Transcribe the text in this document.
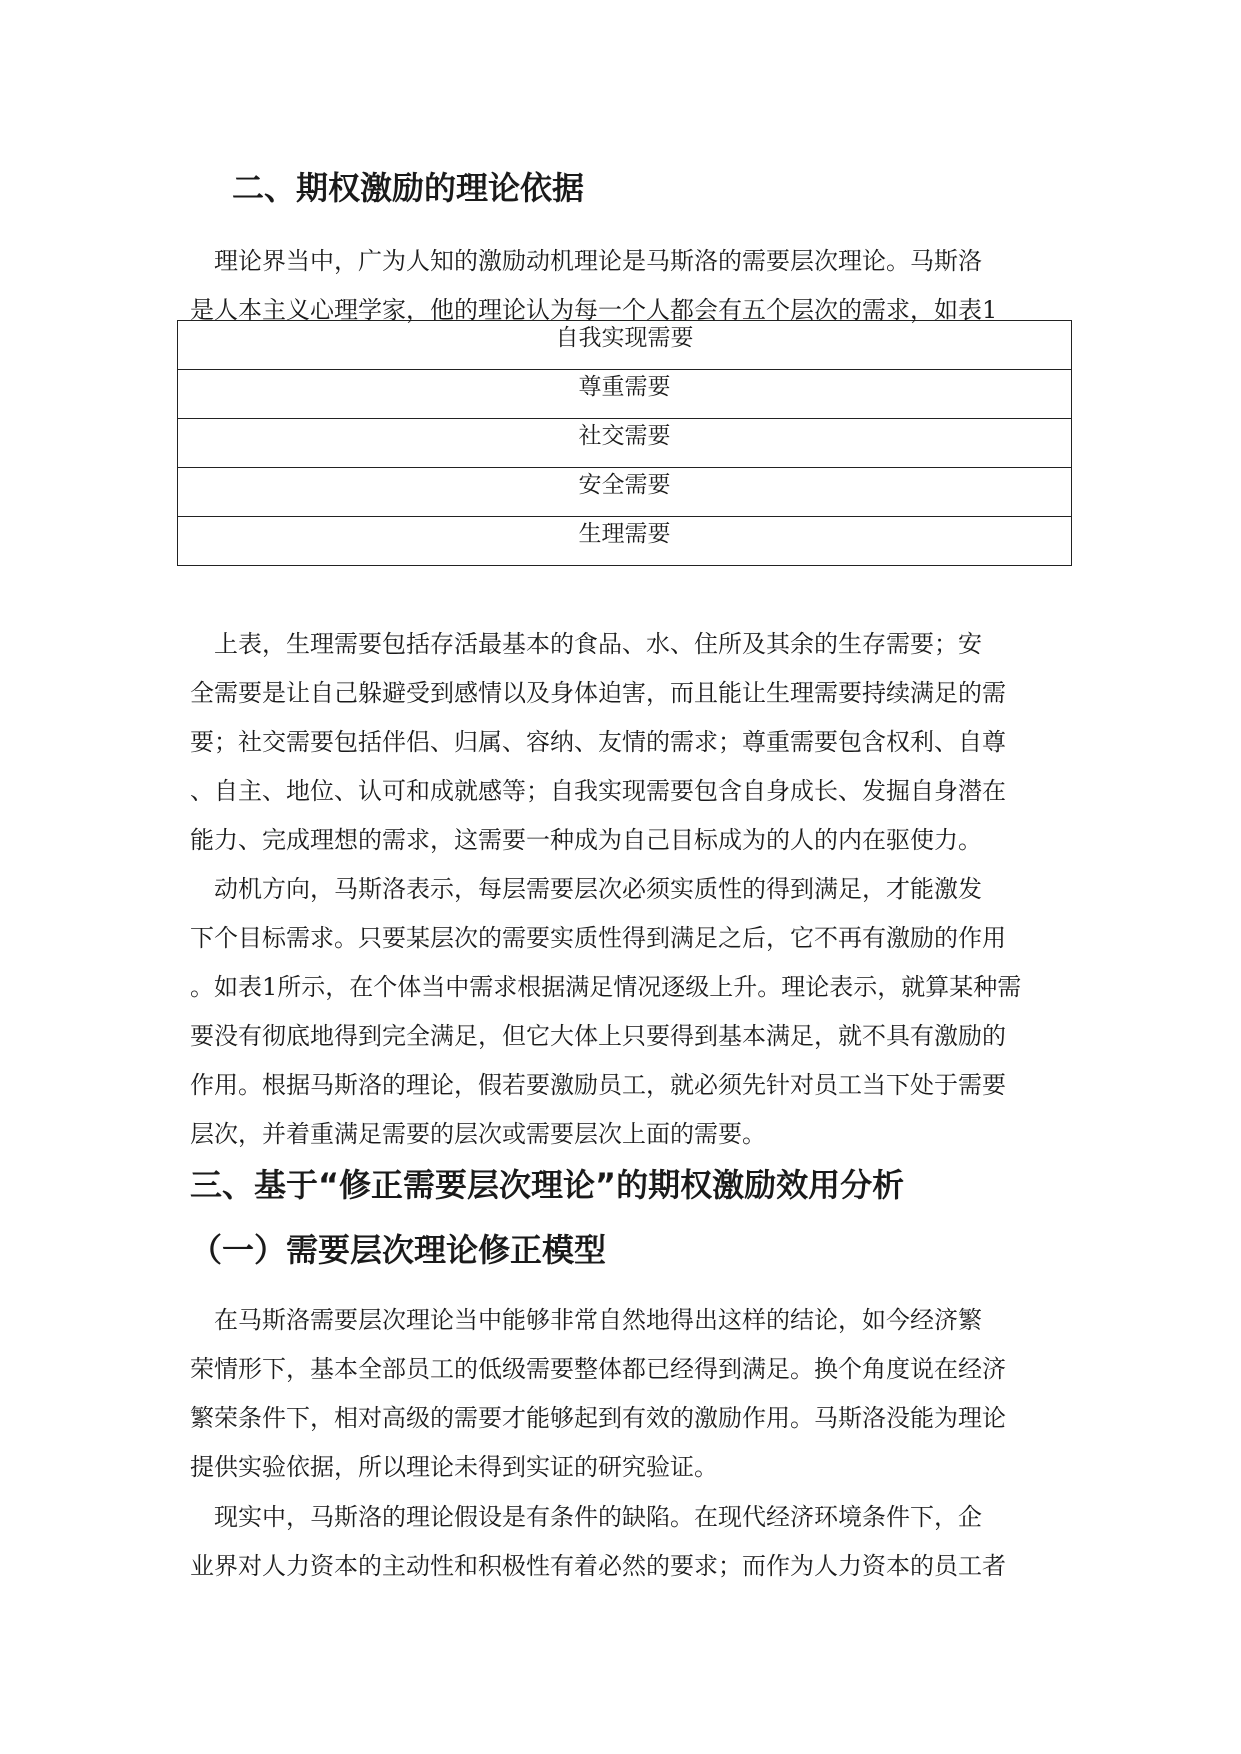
二、期权激励的理论依据
　理论界当中，广为人知的激励动机理论是马斯洛的需要层次理论。马斯洛
是人本主义心理学家，他的理论认为每一个人都会有五个层次的需求，如表1
自我实现需要
尊重需要
社交需要
安全需要
生理需要
　上表，生理需要包括存活最基本的食品、水、住所及其余的生存需要；安
全需要是让自己躲避受到感情以及身体迫害，而且能让生理需要持续满足的需
要；社交需要包括伴侣、归属、容纳、友情的需求；尊重需要包含权利、自尊
、自主、地位、认可和成就感等；自我实现需要包含自身成长、发掘自身潜在
能力、完成理想的需求，这需要一种成为自己目标成为的人的内在驱使力。
　动机方向，马斯洛表示，每层需要层次必须实质性的得到满足，才能激发
下个目标需求。只要某层次的需要实质性得到满足之后，它不再有激励的作用
。如表1所示，在个体当中需求根据满足情况逐级上升。理论表示，就算某种需
要没有彻底地得到完全满足，但它大体上只要得到基本满足，就不具有激励的
作用。根据马斯洛的理论，假若要激励员工，就必须先针对员工当下处于需要
层次，并着重满足需要的层次或需要层次上面的需要。
三、基于“修正需要层次理论”的期权激励效用分析
（一）需要层次理论修正模型
　在马斯洛需要层次理论当中能够非常自然地得出这样的结论，如今经济繁
荣情形下，基本全部员工的低级需要整体都已经得到满足。换个角度说在经济
繁荣条件下，相对高级的需要才能够起到有效的激励作用。马斯洛没能为理论
提供实验依据，所以理论未得到实证的研究验证。
　现实中，马斯洛的理论假设是有条件的缺陷。在现代经济环境条件下，企
业界对人力资本的主动性和积极性有着必然的要求；而作为人力资本的员工者
